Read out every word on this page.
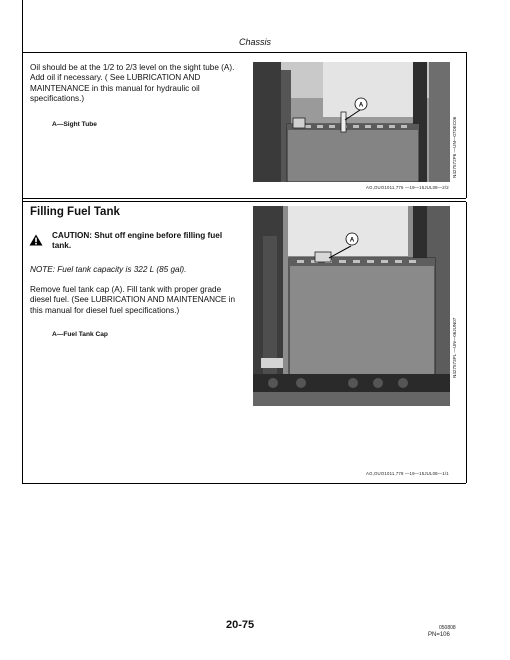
Chassis
Oil should be at the 1/2 to 2/3 level on the sight tube (A).
Add oil if necessary. ( See LUBRICATION AND
MAINTENANCE in this manual for hydraulic oil
specifications.)
A—Sight Tube
A
N427572P6 —UN—07DEC06
AG,OUO1011,776 —19—15JUL08—2/2
Filling Fuel Tank
CAUTION: Shut off engine before filling fuel
tank.
NOTE: Fuel tank capacity is 322 L (85 gal).
Remove fuel tank cap (A). Fill tank with proper grade
diesel fuel. (See LUBRICATION AND MAINTENANCE in
this manual for diesel fuel specifications.)
A—Fuel Tank Cap
A
N427573PL —UN—06JUN07
AG,OUO1011,778 —19—15JUL08—1/1
20-75	050808
PN=106
